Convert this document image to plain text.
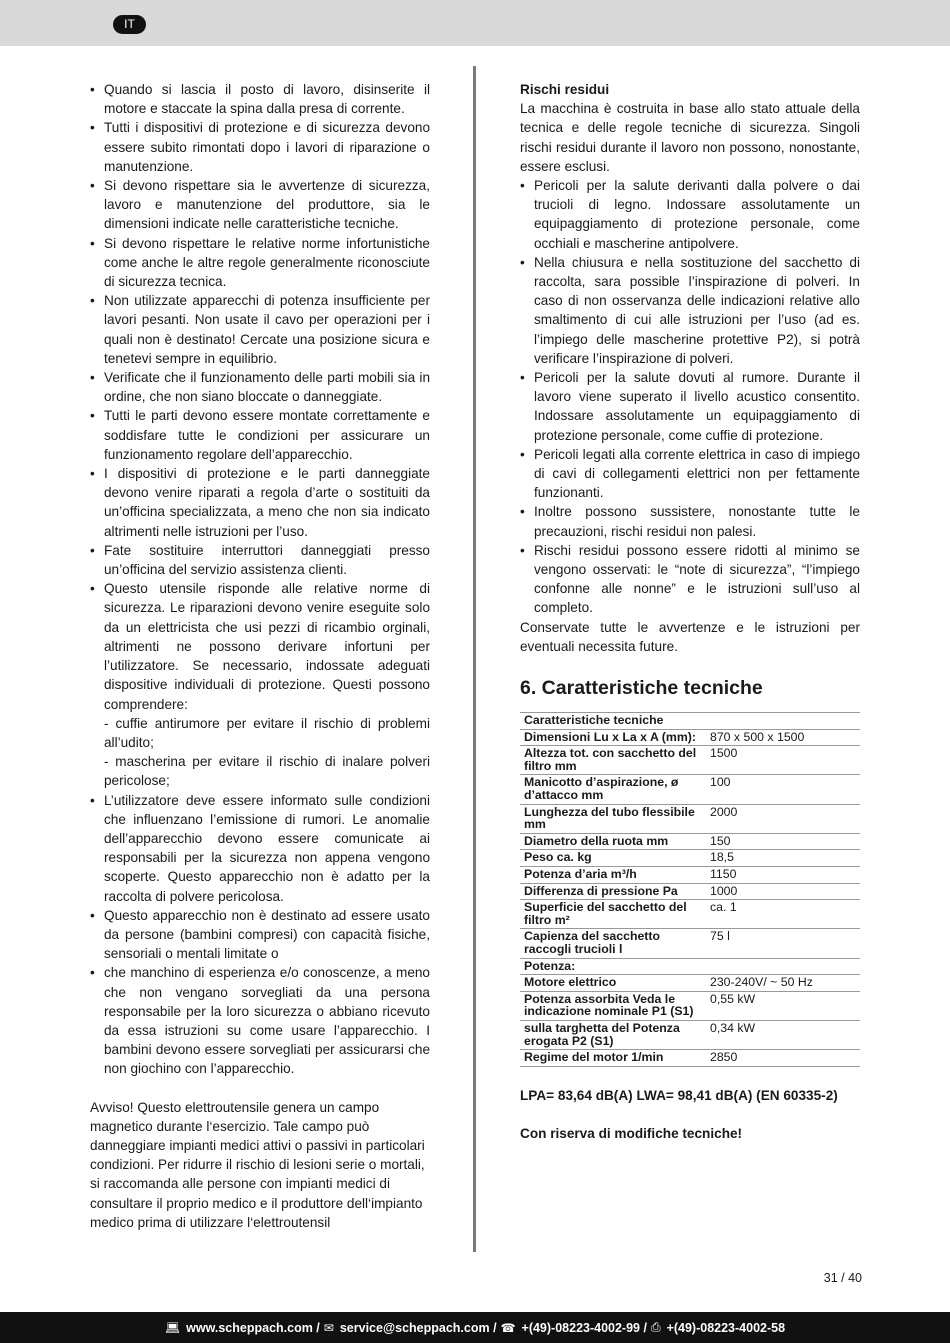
IT
• Quando si lascia il posto di lavoro, disinserite il motore e staccate la spina dalla presa di corrente.
• Tutti i dispositivi di protezione e di sicurezza devono essere subito rimontati dopo i lavori di riparazione o manutenzione.
• Si devono rispettare sia le avvertenze di sicurezza, lavoro e manutenzione del produttore, sia le dimensioni indicate nelle caratteristiche tecniche.
• Si devono rispettare le relative norme infortunistiche come anche le altre regole generalmente riconosciute di sicurezza tecnica.
• Non utilizzate apparecchi di potenza insufficiente per lavori pesanti. Non usate il cavo per operazioni per i quali non è destinato! Cercate una posizione sicura e tenetevi sempre in equilibrio.
• Verificate che il funzionamento delle parti mobili sia in ordine, che non siano bloccate o danneggiate.
• Tutti le parti devono essere montate correttamente e soddisfare tutte le condizioni per assicurare un funzionamento regolare dell’apparecchio.
• I dispositivi di protezione e le parti danneggiate devono venire riparati a regola d’arte o sostituiti da un’officina specializzata, a meno che non sia indicato altrimenti nelle istruzioni per l’uso.
• Fate sostituire interruttori danneggiati presso un’officina del servizio assistenza clienti.
• Questo utensile risponde alle relative norme di sicurezza. Le riparazioni devono venire eseguite solo da un elettricista che usi pezzi di ricambio orginali, altrimenti ne possono derivare infortuni per l’utilizzatore. Se necessario, indossate adeguati dispositive individuali di protezione. Questi possono comprendere:
- cuffie antirumore per evitare il rischio di problemi all’udito;
- mascherina per evitare il rischio di inalare polveri pericolose;
• L’utilizzatore deve essere informato sulle condizioni che influenzano l’emissione di rumori. Le anomalie dell’apparecchio devono essere comunicate ai responsabili per la sicurezza non appena vengono scoperte. Questo apparecchio non è adatto per la raccolta di polvere pericolosa.
• Questo apparecchio non è destinato ad essere usato da persone (bambini compresi) con capacità fisiche, sensoriali o mentali limitate o
• che manchino di esperienza e/o conoscenze, a meno che non vengano sorvegliati da una persona responsabile per la loro sicurezza o abbiano ricevuto da essa istruzioni su come usare l’apparecchio. I bambini devono essere sorvegliati per assicurarsi che non giochino con l’apparecchio.

Avviso! Questo elettroutensile genera un campo magnetico durante l‘esercizio. Tale campo può danneggiare impianti medici attivi o passivi in particolari condizioni. Per ridurre il rischio di lesioni serie o mortali, si raccomanda alle persone con impianti medici di consultare il proprio medico e il produttore dell‘impianto medico prima di utilizzare l‘elettroutensil

Rischi residui

La macchina è costruita in base allo stato attuale della tecnica e delle regole tecniche di sicurezza. Singoli rischi residui durante il lavoro non possono, nonostante, essere esclusi.

• Pericoli per la salute derivanti dalla polvere o dai trucioli di legno. Indossare assolutamente un equipaggiamento di protezione personale, come occhiali e mascherine antipolvere.
• Nella chiusura e nella sostituzione del sacchetto di raccolta, sara possible l’inspirazione di polveri. In caso di non osservanza delle indicazioni relative allo smaltimento di cui alle istruzioni per l’uso (ad es. l’impiego delle mascherine protettive P2), si potrà verificare l’inspirazione di polveri.
• Pericoli per la salute dovuti al rumore. Durante il lavoro viene superato il livello acustico consentito. Indossare assolutamente un equipaggiamento di protezione personale, come cuffie di protezione.
• Pericoli legati alla corrente elettrica in caso di impiego di cavi di collegamenti elettrici non per fettamente funzionanti.
• Inoltre possono sussistere, nonostante tutte le precauzioni, rischi residui non palesi.
• Rischi residui possono essere ridotti al minimo se vengono osservati: le “note di sicurezza”, “l’impiego confonne alle nonne” e le istruzioni sull’uso al completo.

Conservate tutte le avvertenze e le istruzioni per eventuali necessita future.

6. Caratteristiche tecniche
Caratteristiche tecniche	
Dimensioni Lu x La x A (mm):	870 x 500 x 1500
Altezza tot. con sacchetto del filtro mm	1500
Manicotto d’aspirazione, ø d’attacco mm	100
Lunghezza del tubo flessibile mm	2000
Diametro della ruota mm	150
Peso ca. kg	18,5
Potenza d’aria m³/h	1150
Differenza di pressione Pa	1000
Superficie del sacchetto del filtro m²	ca. 1
Capienza del sacchetto raccogli trucioli l	75 l
Potenza:	
Motore elettrico	230-240V/ ~ 50 Hz
Potenza assorbita Veda le indicazione nominale P1 (S1)	0,55 kW
sulla targhetta del Potenza erogata P2 (S1)	0,34 kW
Regime del motor 1/min	2850

LPA= 83,64 dB(A) LWA= 98,41 dB(A) (EN 60335-2)

Con riserva di modifiche tecniche!

31 / 40
💻︎ www.scheppach.com / ✉︎ service@scheppach.com / ☎︎ +(49)-08223-4002-99 / ⎙ +(49)-08223-4002-58
